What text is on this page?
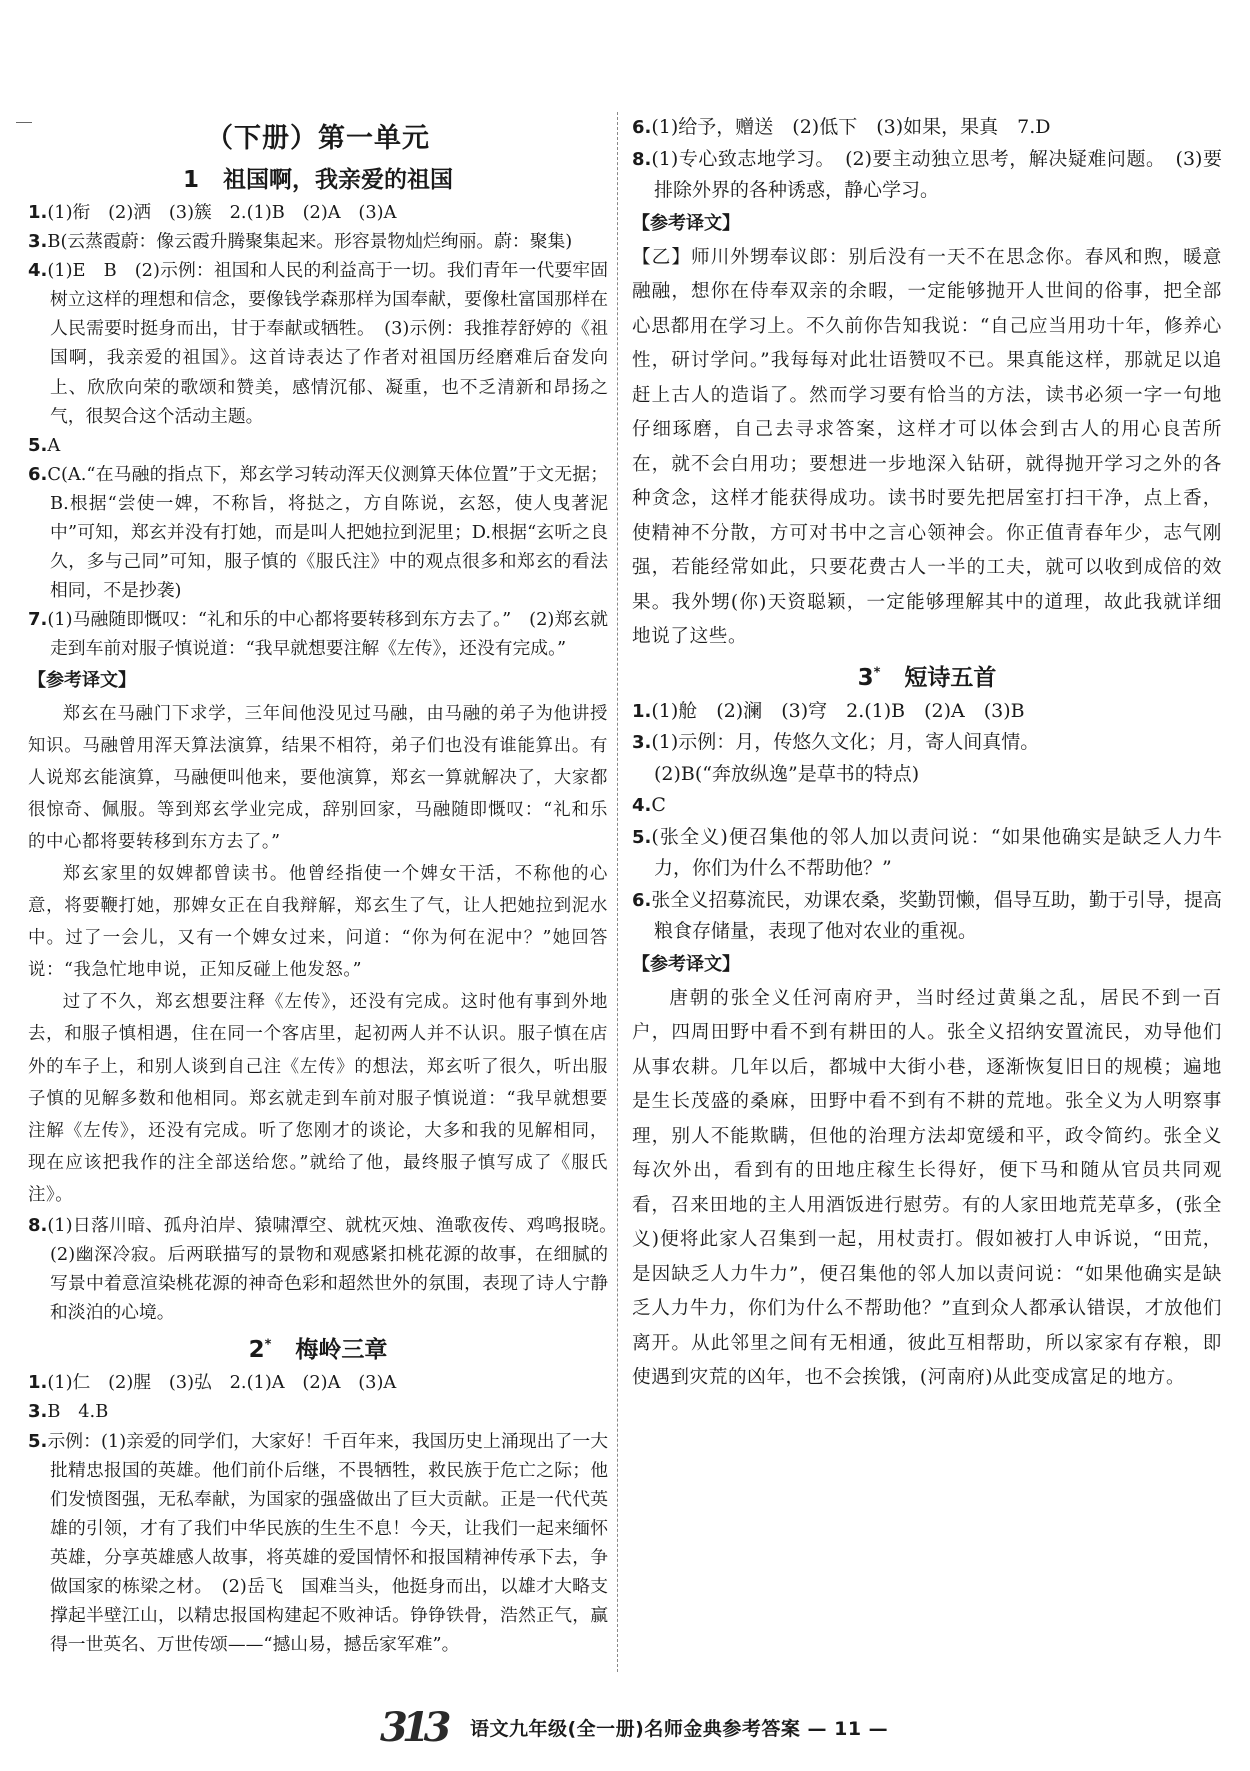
（下册）第一单元
1 祖国啊，我亲爱的祖国

1.(1)衔　(2)洒　(3)簇　2.(1)B　(2)A　(3)A

3.B(云蒸霞蔚：像云霞升腾聚集起来。形容景物灿烂绚丽。蔚：聚集)

4.(1)E　B　(2)示例：祖国和人民的利益高于一切。我们青年一代要牢固树立这样的理想和信念，要像钱学森那样为国奉献，要像杜富国那样在人民需要时挺身而出，甘于奉献或牺牲。　(3)示例：我推荐舒婷的《祖国啊，我亲爱的祖国》。这首诗表达了作者对祖国历经磨难后奋发向上、欣欣向荣的歌颂和赞美，感情沉郁、凝重，也不乏清新和昂扬之气，很契合这个活动主题。

5.A

6.C(A.“在马融的指点下，郑玄学习转动浑天仪测算天体位置”于文无据；B.根据“尝使一婢，不称旨，将挞之，方自陈说，玄怒，使人曳著泥中”可知，郑玄并没有打她，而是叫人把她拉到泥里；D.根据“玄听之良久，多与己同”可知，服子慎的《服氏注》中的观点很多和郑玄的看法相同，不是抄袭)

7.(1)马融随即慨叹：“礼和乐的中心都将要转移到东方去了。”　(2)郑玄就走到车前对服子慎说道：“我早就想要注解《左传》，还没有完成。”

【参考译文】

郑玄在马融门下求学，三年间他没见过马融，由马融的弟子为他讲授知识。马融曾用浑天算法演算，结果不相符，弟子们也没有谁能算出。有人说郑玄能演算，马融便叫他来，要他演算，郑玄一算就解决了，大家都很惊奇、佩服。等到郑玄学业完成，辞别回家，马融随即慨叹：“礼和乐的中心都将要转移到东方去了。”

郑玄家里的奴婢都曾读书。他曾经指使一个婢女干活，不称他的心意，将要鞭打她，那婢女正在自我辩解，郑玄生了气，让人把她拉到泥水中。过了一会儿，又有一个婢女过来，问道：“你为何在泥中？”她回答说：“我急忙地申说，正知反碰上他发怒。”

过了不久，郑玄想要注释《左传》，还没有完成。这时他有事到外地去，和服子慎相遇，住在同一个客店里，起初两人并不认识。服子慎在店外的车子上，和别人谈到自己注《左传》的想法，郑玄听了很久，听出服子慎的见解多数和他相同。郑玄就走到车前对服子慎说道：“我早就想要注解《左传》，还没有完成。听了您刚才的谈论，大多和我的见解相同，现在应该把我作的注全部送给您。”就给了他，最终服子慎写成了《服氏注》。

8.(1)日落川暗、孤舟泊岸、猿啸潭空、就枕灭烛、渔歌夜传、鸡鸣报晓。　(2)幽深冷寂。后两联描写的景物和观感紧扣桃花源的故事，在细腻的写景中着意渲染桃花源的神奇色彩和超然世外的氛围，表现了诗人宁静和淡泊的心境。

2* 梅岭三章

1.(1)仁　(2)腥　(3)弘　2.(1)A　(2)A　(3)A

3.B　4.B

5.示例：(1)亲爱的同学们，大家好！千百年来，我国历史上涌现出了一大批精忠报国的英雄。他们前仆后继，不畏牺牲，救民族于危亡之际；他们发愤图强，无私奉献，为国家的强盛做出了巨大贡献。正是一代代英雄的引领，才有了我们中华民族的生生不息！今天，让我们一起来缅怀英雄，分享英雄感人故事，将英雄的爱国情怀和报国精神传承下去，争做国家的栋梁之材。　(2)岳飞　国难当头，他挺身而出，以雄才大略支撑起半壁江山，以精忠报国构建起不败神话。铮铮铁骨，浩然正气，赢得一世英名、万世传颂——“撼山易，撼岳家军难”。

6.(1)给予，赠送　(2)低下　(3)如果，果真　7.D

8.(1)专心致志地学习。　(2)要主动独立思考，解决疑难问题。　(3)要排除外界的各种诱惑，静心学习。

【参考译文】

【乙】师川外甥奉议郎：别后没有一天不在思念你。春风和煦，暖意融融，想你在侍奉双亲的余暇，一定能够抛开人世间的俗事，把全部心思都用在学习上。不久前你告知我说：“自己应当用功十年，修养心性，研讨学问。”我每每对此壮语赞叹不已。果真能这样，那就足以追赶上古人的造诣了。然而学习要有恰当的方法，读书必须一字一句地仔细琢磨，自己去寻求答案，这样才可以体会到古人的用心良苦所在，就不会白用功；要想进一步地深入钻研，就得抛开学习之外的各种贪念，这样才能获得成功。读书时要先把居室打扫干净，点上香，使精神不分散，方可对书中之言心领神会。你正值青春年少，志气刚强，若能经常如此，只要花费古人一半的工夫，就可以收到成倍的效果。我外甥(你)天资聪颖，一定能够理解其中的道理，故此我就详细地说了这些。

3* 短诗五首

1.(1)舱　(2)澜　(3)穹　2.(1)B　(2)A　(3)B

3.(1)示例：月，传悠久文化；月，寄人间真情。

(2)B(“奔放纵逸”是草书的特点)

4.C

5.(张全义)便召集他的邻人加以责问说：“如果他确实是缺乏人力牛力，你们为什么不帮助他？”

6.张全义招募流民，劝课农桑，奖勤罚懒，倡导互助，勤于引导，提高粮食存储量，表现了他对农业的重视。

【参考译文】

唐朝的张全义任河南府尹，当时经过黄巢之乱，居民不到一百户，四周田野中看不到有耕田的人。张全义招纳安置流民，劝导他们从事农耕。几年以后，都城中大街小巷，逐渐恢复旧日的规模；遍地是生长茂盛的桑麻，田野中看不到有不耕的荒地。张全义为人明察事理，别人不能欺瞒，但他的治理方法却宽缓和平，政令简约。张全义每次外出，看到有的田地庄稼生长得好，便下马和随从官员共同观看，召来田地的主人用酒饭进行慰劳。有的人家田地荒芜草多，(张全义)便将此家人召集到一起，用杖责打。假如被打人申诉说，“田荒，是因缺乏人力牛力”，便召集他的邻人加以责问说：“如果他确实是缺乏人力牛力，你们为什么不帮助他？”直到众人都承认错误，才放他们离开。从此邻里之间有无相通，彼此互相帮助，所以家家有存粮，即使遇到灾荒的凶年，也不会挨饿，(河南府)从此变成富足的地方。

313	语文九年级(全一册)名师金典参考答案 — 11 —
